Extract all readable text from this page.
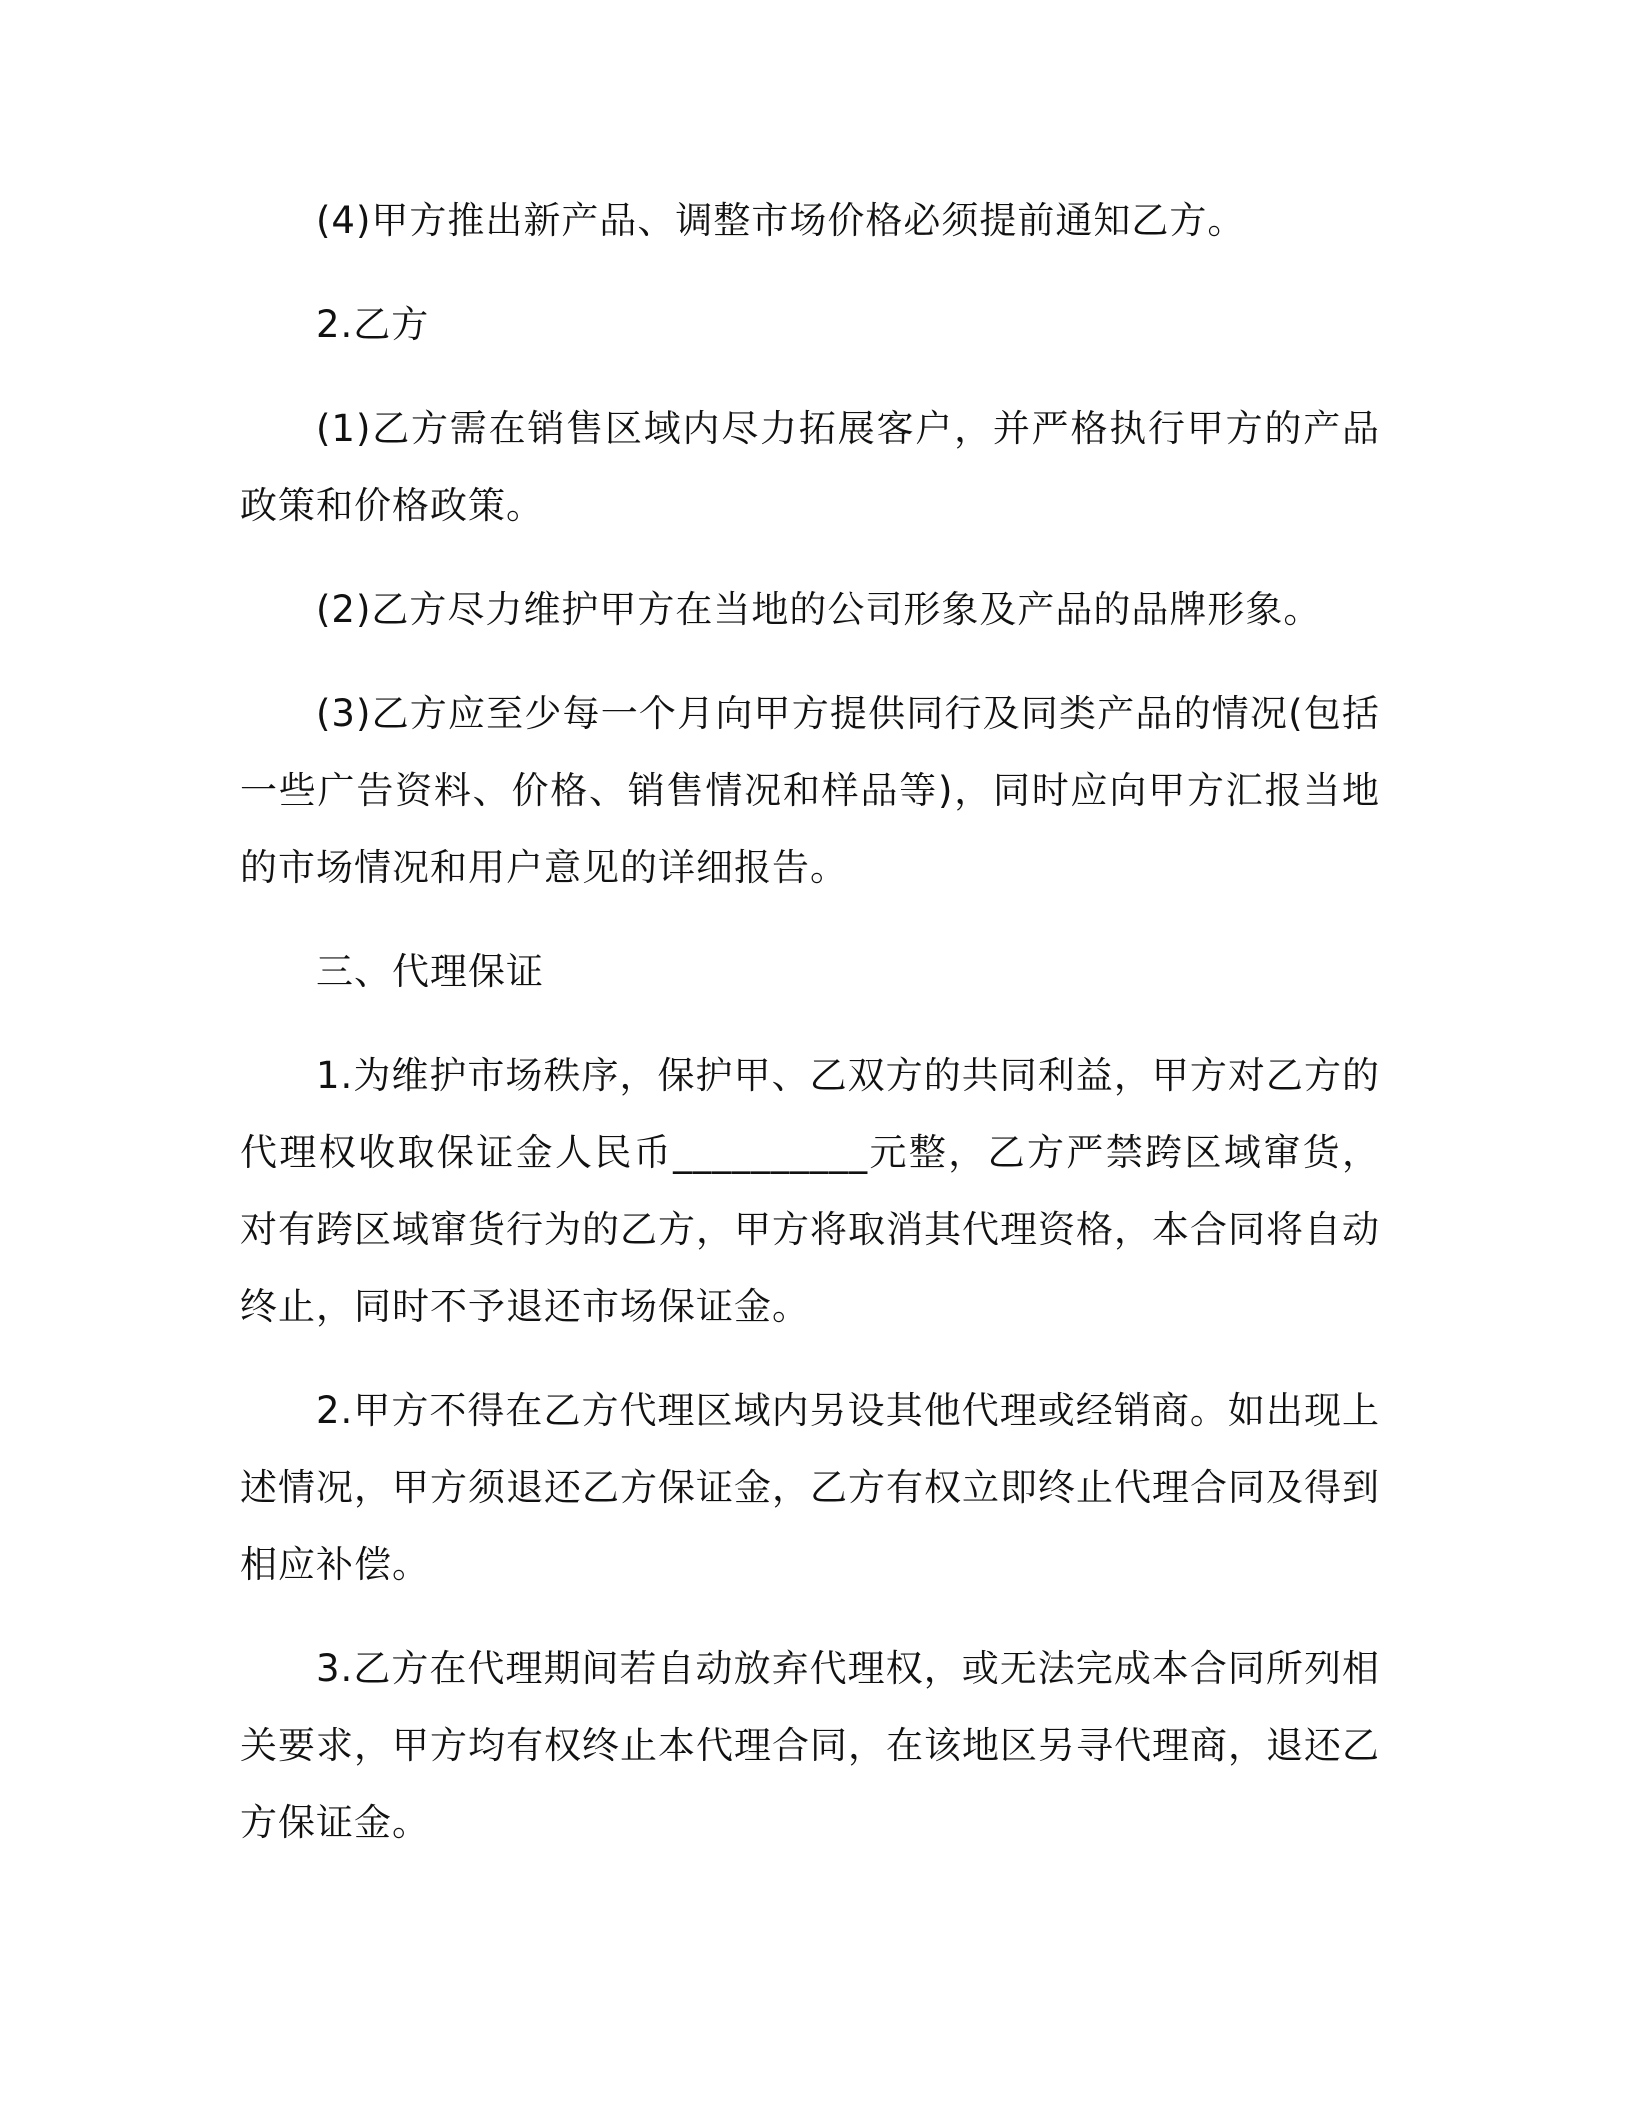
(4)甲方推出新产品、调整市场价格必须提前通知乙方。

2.乙方

(1)乙方需在销售区域内尽力拓展客户，并严格执行甲方的产品政策和价格政策。

(2)乙方尽力维护甲方在当地的公司形象及产品的品牌形象。

(3)乙方应至少每一个月向甲方提供同行及同类产品的情况(包括一些广告资料、价格、销售情况和样品等)，同时应向甲方汇报当地的市场情况和用户意见的详细报告。

三、代理保证

1.为维护市场秩序，保护甲、乙双方的共同利益，甲方对乙方的代理权收取保证金人民币__________元整，乙方严禁跨区域窜货，对有跨区域窜货行为的乙方，甲方将取消其代理资格，本合同将自动终止，同时不予退还市场保证金。

2.甲方不得在乙方代理区域内另设其他代理或经销商。如出现上述情况，甲方须退还乙方保证金，乙方有权立即终止代理合同及得到相应补偿。

3.乙方在代理期间若自动放弃代理权，或无法完成本合同所列相关要求，甲方均有权终止本代理合同，在该地区另寻代理商，退还乙方保证金。
